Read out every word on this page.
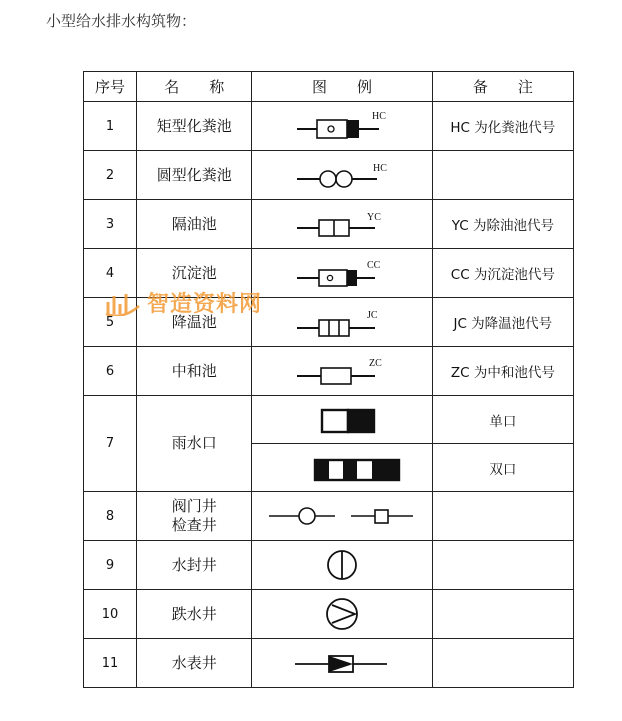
小型给水排水构筑物：
序号	名　　称	图　　例	备　　注
1	矩型化粪池	HC	HC 为化粪池代号
2	圆型化粪池	HC	

3	隔油池	YC	YC 为除油池代号
4	沉淀池	CC	CC 为沉淀池代号
5	降温池	JC	JC 为降温池代号
6	中和池	ZC	ZC 为中和池代号
7	雨水口		单口

	双口
8	阀门井
检查井	

9	水封井	

10	跌水井	

11	水表井	

智造资料网
